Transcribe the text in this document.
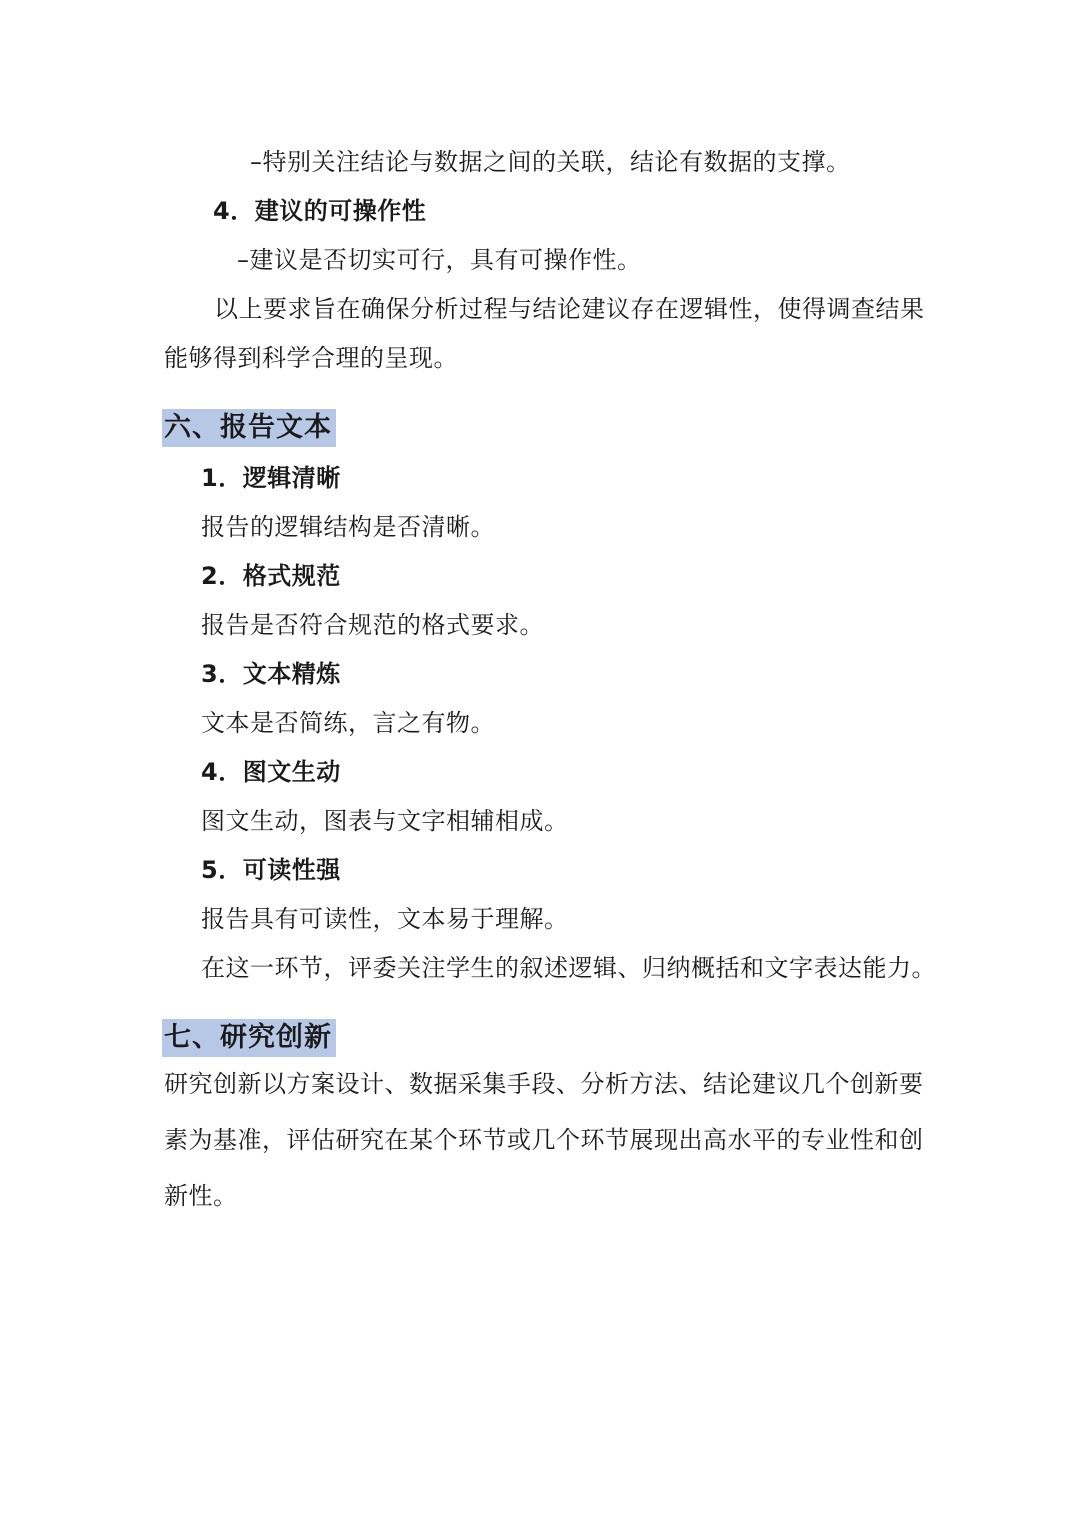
–特别关注结论与数据之间的关联，结论有数据的支撑。
4．建议的可操作性
–建议是否切实可行，具有可操作性。
以上要求旨在确保分析过程与结论建议存在逻辑性，使得调查结果
能够得到科学合理的呈现。
六、报告文本
1．逻辑清晰
报告的逻辑结构是否清晰。
2．格式规范
报告是否符合规范的格式要求。
3．文本精炼
文本是否简练，言之有物。
4．图文生动
图文生动，图表与文字相辅相成。
5．可读性强
报告具有可读性，文本易于理解。
在这一环节，评委关注学生的叙述逻辑、归纳概括和文字表达能力。
七、研究创新
研究创新以方案设计、数据采集手段、分析方法、结论建议几个创新要
素为基准，评估研究在某个环节或几个环节展现出高水平的专业性和创
新性。
